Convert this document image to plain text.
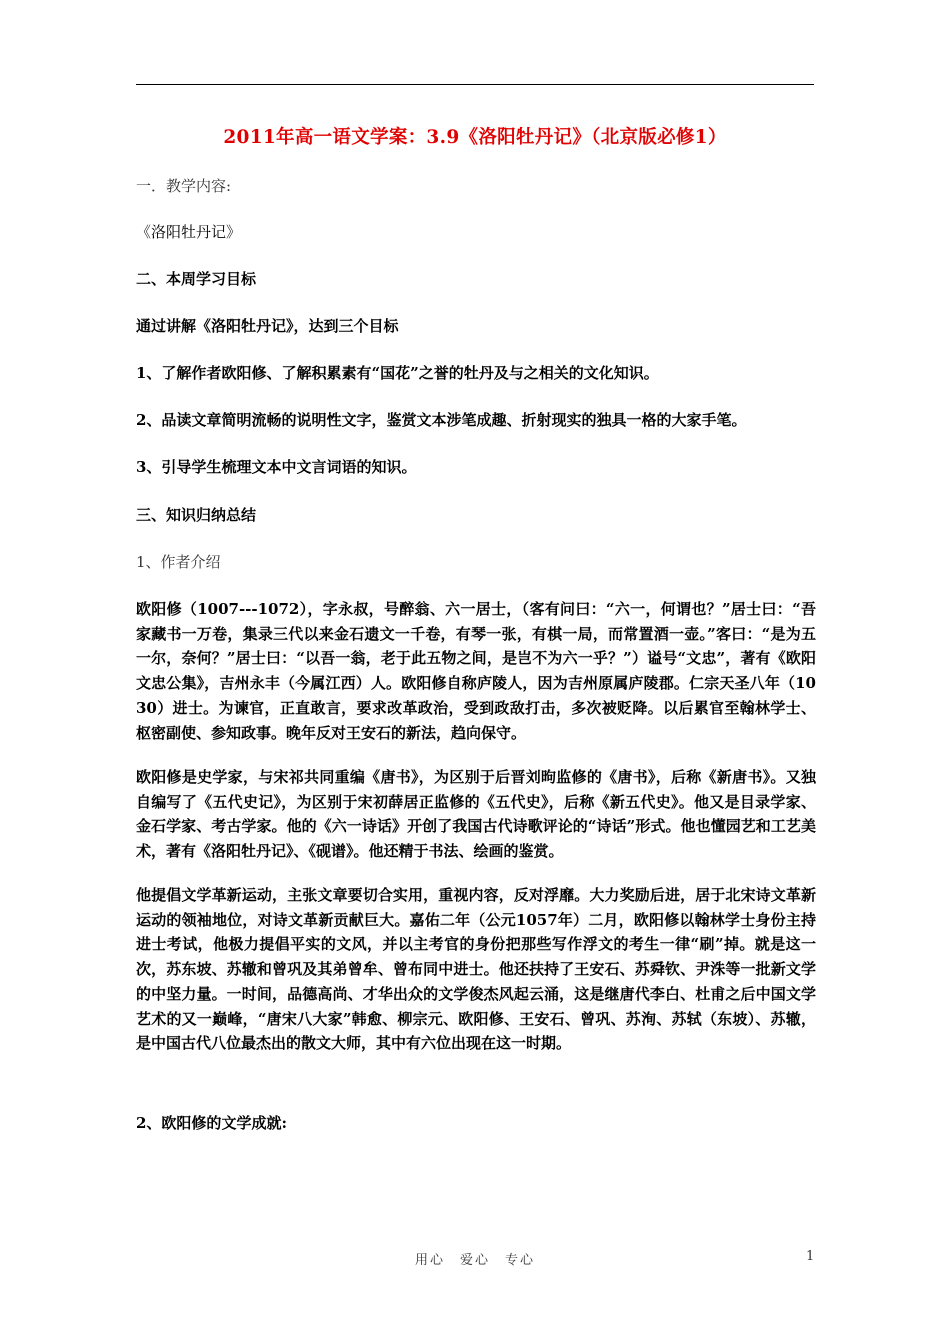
2011年高一语文学案：3.9《洛阳牡丹记》（北京版必修1）
一．教学内容:
《洛阳牡丹记》
二、本周学习目标
通过讲解《洛阳牡丹记》，达到三个目标
1、了解作者欧阳修、了解积累素有“国花”之誉的牡丹及与之相关的文化知识。
2、品读文章简明流畅的说明性文字，鉴赏文本涉笔成趣、折射现实的独具一格的大家手笔。
3、引导学生梳理文本中文言词语的知识。
三、知识归纳总结
1、作者介绍
欧阳修（1007---1072），字永叔，号醉翁、六一居士，（客有问曰：“六一，何谓也？”居士曰：“吾家藏书一万卷，集录三代以来金石遗文一千卷，有琴一张，有棋一局，而常置酒一壶。”客曰：“是为五一尔，奈何？”居士曰：“以吾一翁，老于此五物之间，是岂不为六一乎？”）谥号“文忠”，著有《欧阳文忠公集》，吉州永丰（今属江西）人。欧阳修自称庐陵人，因为吉州原属庐陵郡。仁宗天圣八年（1030）进士。为谏官，正直敢言，要求改革政治，受到政敌打击，多次被贬降。以后累官至翰林学士、枢密副使、参知政事。晚年反对王安石的新法，趋向保守。
欧阳修是史学家，与宋祁共同重编《唐书》，为区别于后晋刘昫监修的《唐书》，后称《新唐书》。又独自编写了《五代史记》，为区别于宋初薛居正监修的《五代史》，后称《新五代史》。他又是目录学家、金石学家、考古学家。他的《六一诗话》开创了我国古代诗歌评论的“诗话”形式。他也懂园艺和工艺美术，著有《洛阳牡丹记》、《砚谱》。他还精于书法、绘画的鉴赏。
他提倡文学革新运动，主张文章要切合实用，重视内容，反对浮靡。大力奖励后进，居于北宋诗文革新运动的领袖地位，对诗文革新贡献巨大。嘉佑二年（公元1057年）二月，欧阳修以翰林学士身份主持进士考试，他极力提倡平实的文风，并以主考官的身份把那些写作浮文的考生一律“刷”掉。就是这一次，苏东坡、苏辙和曾巩及其弟曾牟、曾布同中进士。他还扶持了王安石、苏舜钦、尹洙等一批新文学的中坚力量。一时间，品德高尚、才华出众的文学俊杰风起云涌，这是继唐代李白、杜甫之后中国文学艺术的又一巅峰，“唐宋八大家”韩愈、柳宗元、欧阳修、王安石、曾巩、苏洵、苏轼（东坡）、苏辙，是中国古代八位最杰出的散文大师，其中有六位出现在这一时期。
2、欧阳修的文学成就:
用心　爱心　专心	1
